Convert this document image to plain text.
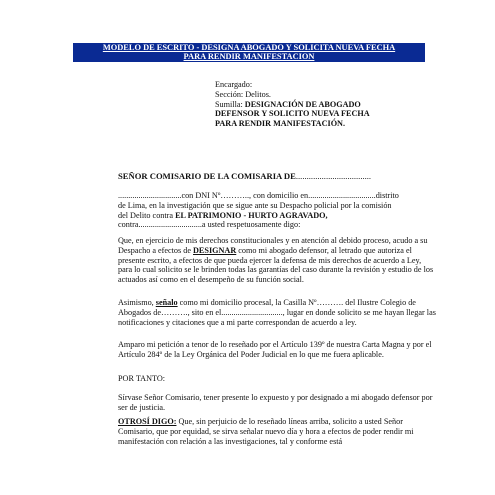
MODELO DE ESCRITO - DESIGNA ABOGADO Y SOLICITA NUEVA FECHA
PARA RENDIR MANIFESTACION
Encargado:
Sección: Delitos.
Sumilla: DESIGNACIÓN DE ABOGADO
DEFENSOR Y SOLICITO NUEVA FECHA
PARA RENDIR MANIFESTACIÓN.
SEÑOR COMISARIO DE LA COMISARIA DE...................................

...............................con DNI Nº……….., con domicilio en.................................distrito

de Lima, en la investigación que se sigue ante su Despacho policial por la comisión

del Delito contra EL PATRIMONIO - HURTO AGRAVADO,

contra...............................a usted respetuosamente digo:

Que, en ejercicio de mis derechos constitucionales y en atención al debido proceso, acudo a su Despacho a efectos de DESIGNAR como mi abogado defensor, al letrado que autoriza el presente escrito, a efectos de que pueda ejercer la defensa de mis derechos de acuerdo a Ley, para lo cual solicito se le brinden todas las garantías del caso durante la revisión y estudio de los actuados así como en el desempeño de su función social.

Asimismo, señalo como mi domicilio procesal, la Casilla Nº………. del Ilustre Colegio de Abogados de………., sito en el.............................., lugar en donde solicito se me hayan llegar las notificaciones y citaciones que a mi parte correspondan de acuerdo a ley.

Amparo mi petición a tenor de lo reseñado por el Artículo 139º de nuestra Carta Magna y por el Artículo 284º de la Ley Orgánica del Poder Judicial en lo que me fuera aplicable.

POR TANTO:

Sírvase Señor Comisario, tener presente lo expuesto y por designado a mi abogado defensor por ser de justicia.

OTROSÍ DIGO: Que, sin perjuicio de lo reseñado líneas arriba, solicito a usted Señor Comisario, que por equidad, se sirva señalar nuevo día y hora a efectos de poder rendir mi manifestación con relación a las investigaciones, tal y conforme está
